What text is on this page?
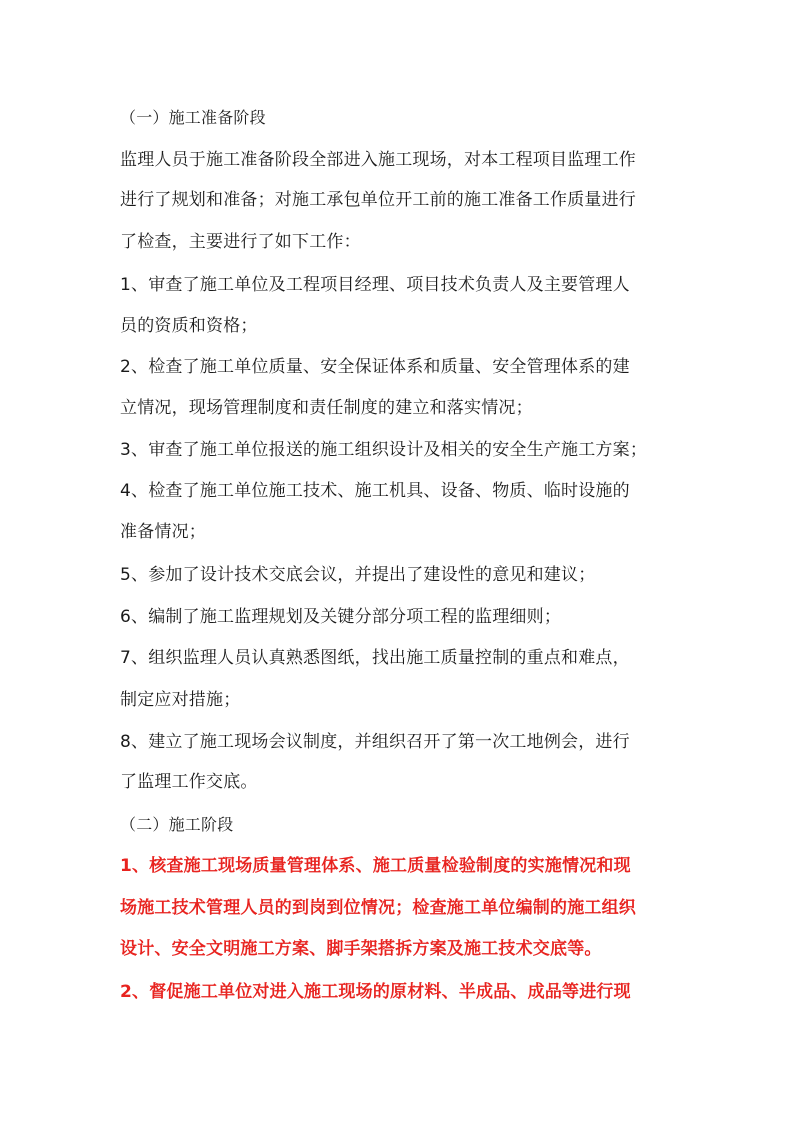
（一）施工准备阶段
监理人员于施工准备阶段全部进入施工现场，对本工程项目监理工作
进行了规划和准备；对施工承包单位开工前的施工准备工作质量进行
了检查，主要进行了如下工作：
1、审查了施工单位及工程项目经理、项目技术负责人及主要管理人
员的资质和资格；
2、检查了施工单位质量、安全保证体系和质量、安全管理体系的建
立情况，现场管理制度和责任制度的建立和落实情况；
3、审查了施工单位报送的施工组织设计及相关的安全生产施工方案；
4、检查了施工单位施工技术、施工机具、设备、物质、临时设施的
准备情况；
5、参加了设计技术交底会议，并提出了建设性的意见和建议；
6、编制了施工监理规划及关键分部分项工程的监理细则；
7、组织监理人员认真熟悉图纸，找出施工质量控制的重点和难点，
制定应对措施；
8、建立了施工现场会议制度，并组织召开了第一次工地例会，进行
了监理工作交底。
（二）施工阶段
1、核查施工现场质量管理体系、施工质量检验制度的实施情况和现
场施工技术管理人员的到岗到位情况；检查施工单位编制的施工组织
设计、安全文明施工方案、脚手架搭拆方案及施工技术交底等。
2、督促施工单位对进入施工现场的原材料、半成品、成品等进行现
